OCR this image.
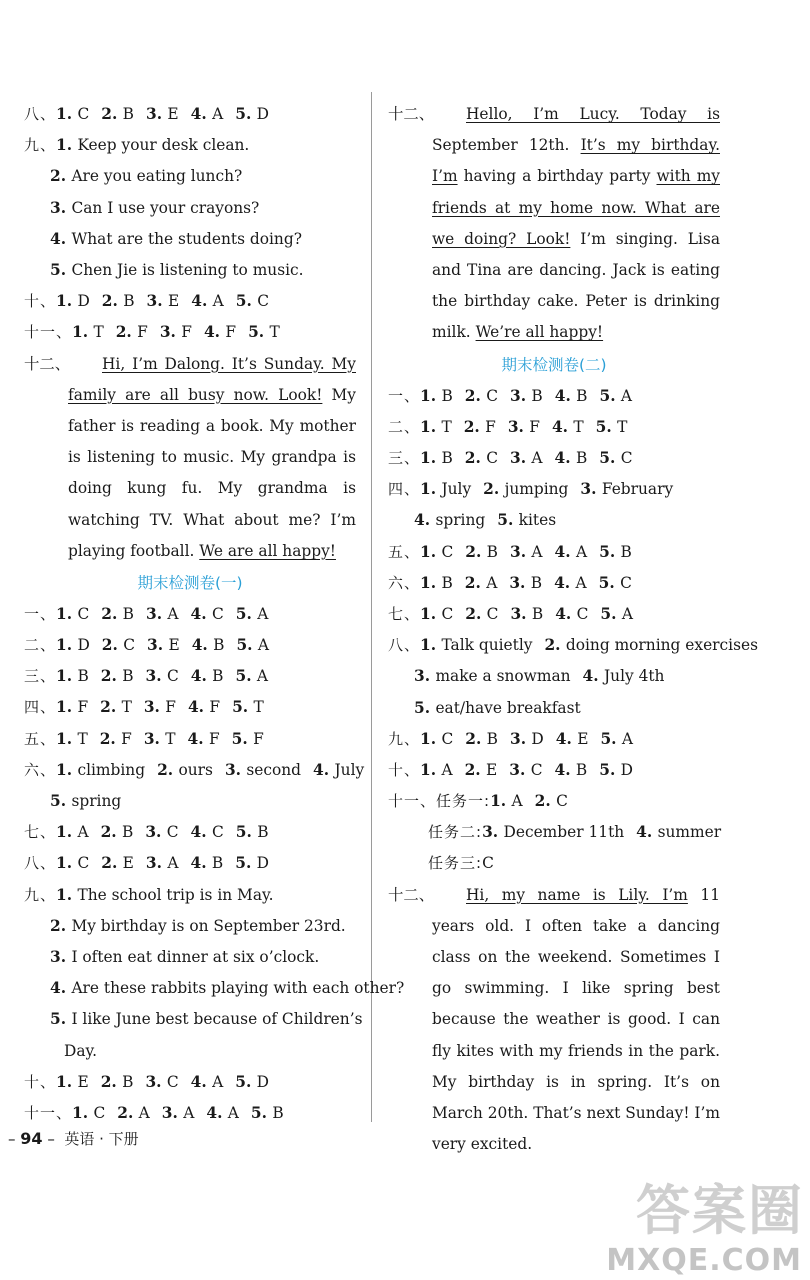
八、1. C 2. B 3. E 4. A 5. D
九、1. Keep your desk clean.
2. Are you eating lunch?
3. Can I use your crayons?
4. What are the students doing?
5. Chen Jie is listening to music.
十、1. D 2. B 3. E 4. A 5. C
十一、1. T 2. F 3. F 4. F 5. T
十二、 Hi, I’m Dalong. It’s Sunday. My family are all busy now. Look! My father is reading a book. My mother is listening to music. My grandpa is doing kung fu. My grandma is watching TV. What about me? I’m playing football. We are all happy!
期末检测卷(一)
一、1. C 2. B 3. A 4. C 5. A
二、1. D 2. C 3. E 4. B 5. A
三、1. B 2. B 3. C 4. B 5. A
四、1. F 2. T 3. F 4. F 5. T
五、1. T 2. F 3. T 4. F 5. F
六、1. climbing 2. ours 3. second 4. July
5. spring
七、1. A 2. B 3. C 4. C 5. B
八、1. C 2. E 3. A 4. B 5. D
九、1. The school trip is in May.
2. My birthday is on September 23rd.
3. I often eat dinner at six o’clock.
4. Are these rabbits playing with each other?
5. I like June best because of Children’s
Day.
十、1. E 2. B 3. C 4. A 5. D
十一、1. C 2. A 3. A 4. A 5. B
十二、 Hello, I’m Lucy. Today is September 12th. It’s my birthday. I’m having a birthday party with my friends at my home now. What are we doing? Look! I’m singing. Lisa and Tina are dancing. Jack is eating the birthday cake. Peter is drinking milk. We’re all happy!
期末检测卷(二)
一、1. B 2. C 3. B 4. B 5. A
二、1. T 2. F 3. F 4. T 5. T
三、1. B 2. C 3. A 4. B 5. C
四、1. July 2. jumping 3. February
4. spring 5. kites
五、1. C 2. B 3. A 4. A 5. B
六、1. B 2. A 3. B 4. A 5. C
七、1. C 2. C 3. B 4. C 5. A
八、1. Talk quietly 2. doing morning exercises
3. make a snowman 4. July 4th
5. eat/have breakfast
九、1. C 2. B 3. D 4. E 5. A
十、1. A 2. E 3. C 4. B 5. D
十一、任务一:1. A 2. C
任务二:3. December 11th 4. summer
任务三:C
十二、 Hi, my name is Lily. I’m 11 years old. I often take a dancing class on the weekend. Sometimes I go swimming. I like spring best because the weather is good. I can fly kites with my friends in the park. My birthday is in spring. It’s on March 20th. That’s next Sunday! I’m very excited.
– 94 –  英语 · 下册
答案圈
MXQE.COM
